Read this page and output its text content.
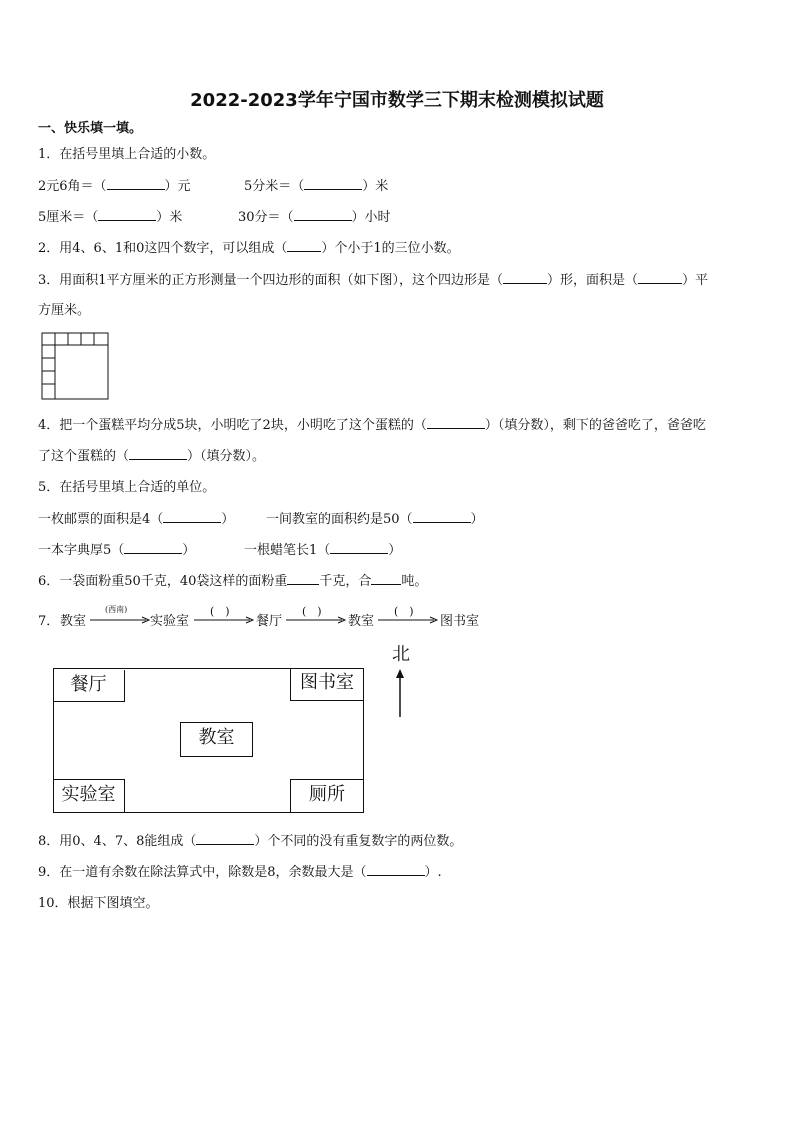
2022-2023学年宁国市数学三下期末检测模拟试题
一、快乐填一填。
1．在括号里填上合适的小数。
2元6角＝（	）元	5分米＝（	）米
5厘米＝（	）米	30分＝（	）小时
2．用4、6、1和0这四个数字，可以组成（	）个小于1的三位小数。
3．用面积1平方厘米的正方形测量一个四边形的面积（如下图），这个四边形是（	）形，面积是（	）平
方厘米。
4．把一个蛋糕平均分成5块，小明吃了2块，小明吃了这个蛋糕的（	）（填分数），剩下的爸爸吃了，爸爸吃
了这个蛋糕的（	）（填分数）。
5．在括号里填上合适的单位。
一枚邮票的面积是4（	） 一间教室的面积约是50（	）
一本字典厚5（	）	一根蜡笔长1（	）
6．一袋面粉重50千克，40袋这样的面粉重 千克，合 吨。
7． 教室
(西南)
实验室
(　)
餐厅
(　)
教室
(　)
图书室
餐厅	图书室
教室
实验室	厕所
北
8．用0、4、7、8能组成（	）个不同的没有重复数字的两位数。
9．在一道有余数在除法算式中，除数是8，余数最大是（	）.
10．根据下图填空。
